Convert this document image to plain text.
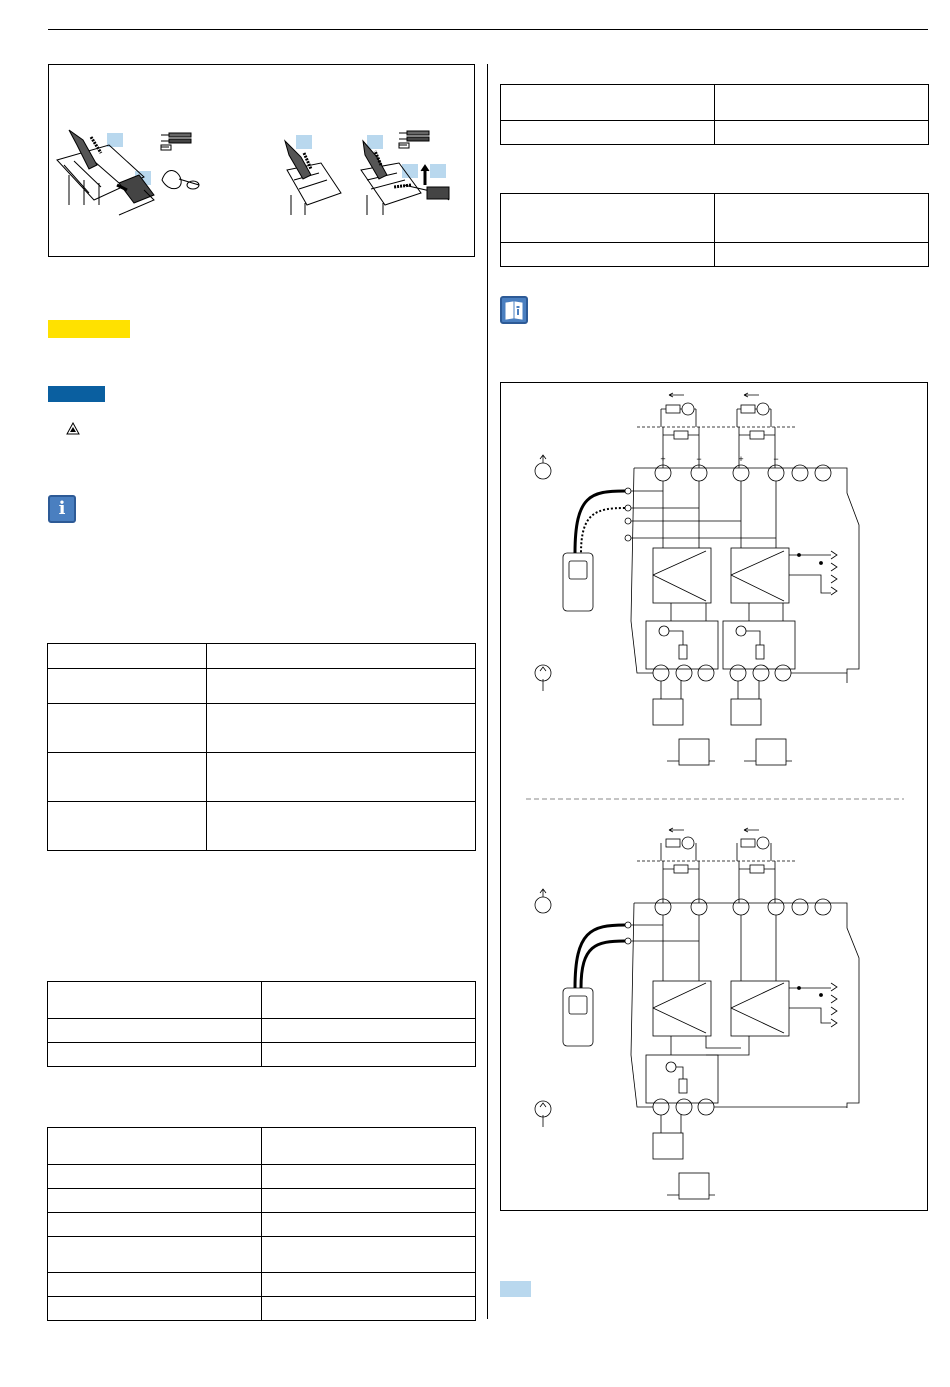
i

+	−	+	−
